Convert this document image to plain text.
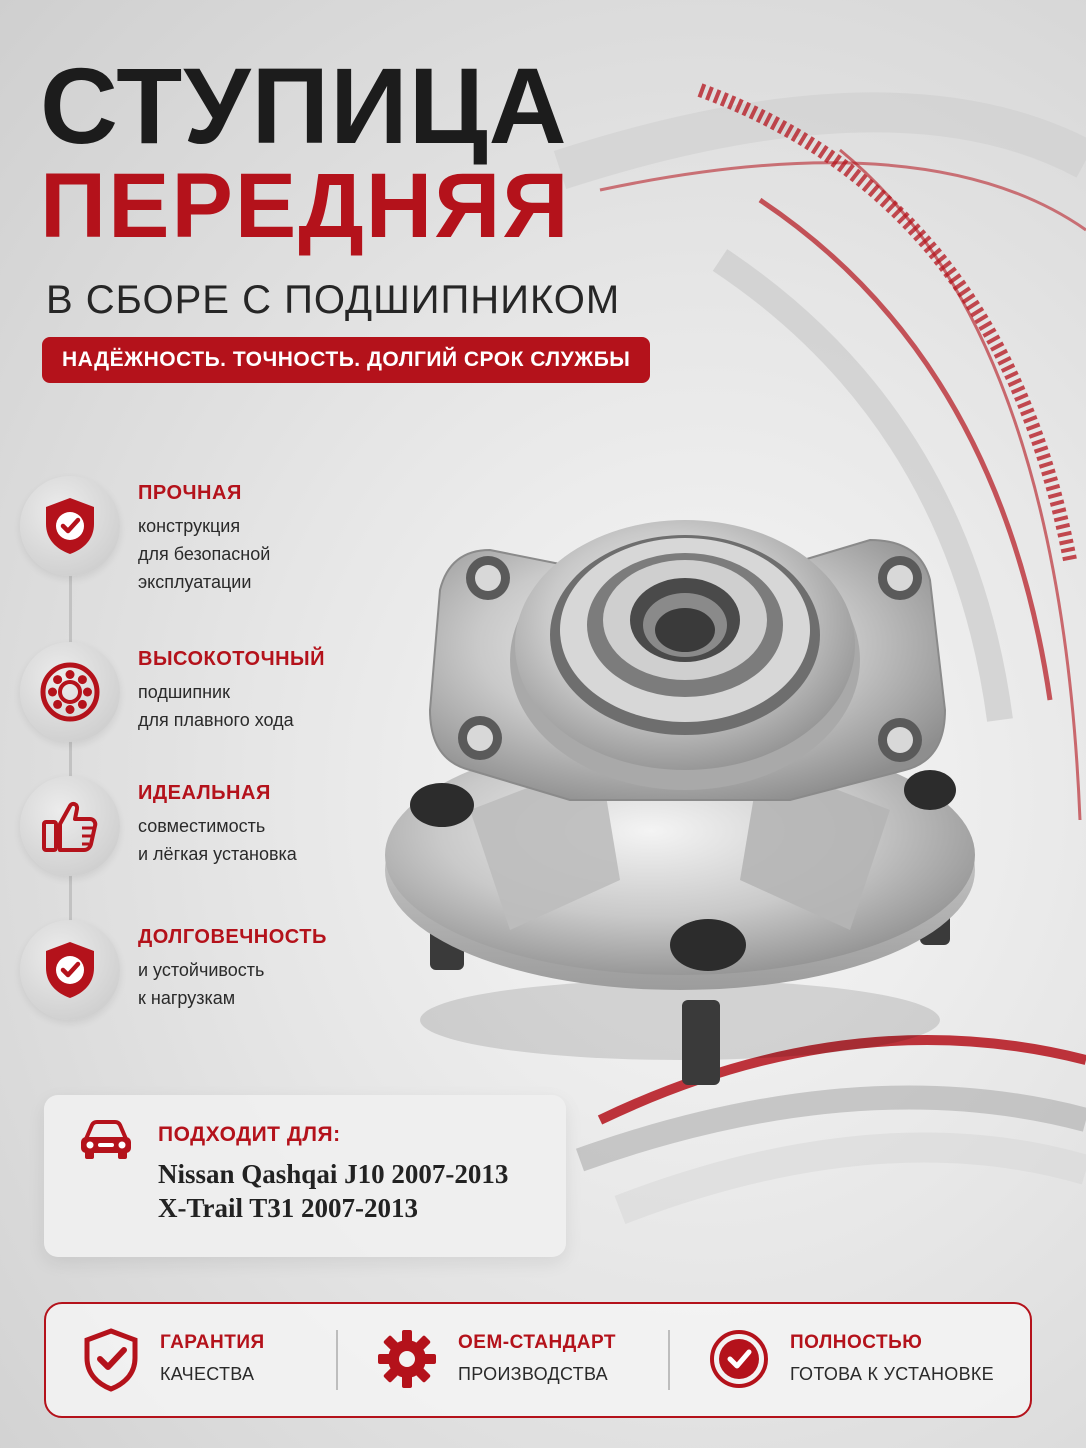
СТУПИЦА
ПЕРЕДНЯЯ
В СБОРЕ С ПОДШИПНИКОМ
НАДЁЖНОСТЬ. ТОЧНОСТЬ. ДОЛГИЙ СРОК СЛУЖБЫ
ПРОЧНАЯ
конструкция
для безопасной
эксплуатации
ВЫСОКОТОЧНЫЙ
подшипник
для плавного хода
ИДЕАЛЬНАЯ
совместимость
и лёгкая установка
ДОЛГОВЕЧНОСТЬ
и устойчивость
к нагрузкам
ПОДХОДИТ ДЛЯ:
Nissan Qashqai J10 2007-2013
X-Trail T31 2007-2013
ГАРАНТИЯ
КАЧЕСТВА
OEM-СТАНДАРТ
ПРОИЗВОДСТВА
ПОЛНОСТЬЮ
ГОТОВА К УСТАНОВКЕ
